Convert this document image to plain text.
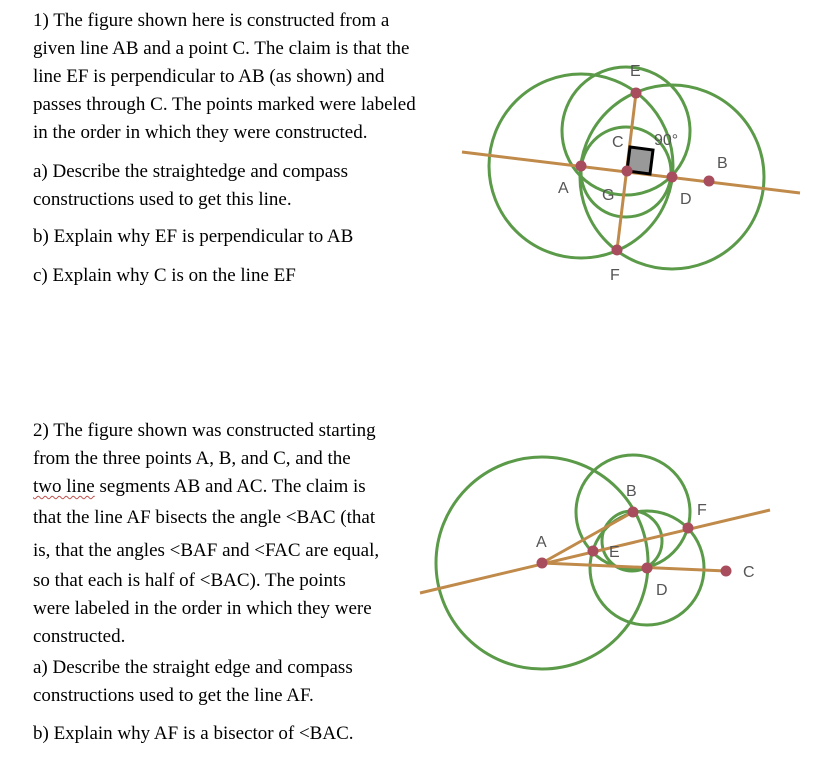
1) The figure shown here is constructed from a
given line AB and a point C. The claim is that the
line EF is perpendicular to AB (as shown) and
passes through C. The points marked were labeled
in the order in which they were constructed.
a) Describe the straightedge and compass
constructions used to get this line.
b) Explain why EF is perpendicular to AB
c) Explain why C is on the line EF
2) The figure shown was constructed starting
from the three points A, B, and C, and the
two line segments AB and AC. The claim is
that the line AF bisects the angle <BAC (that
is, that the angles <BAF and <FAC are equal,
so that each is half of <BAC). The points
were labeled in the order in which they were
constructed.
a) Describe the straight edge and compass
constructions used to get the line AF.
b) Explain why AF is a bisector of <BAC.
E
C 90°
B
A G	D
F
B
F
A
E
C
D
